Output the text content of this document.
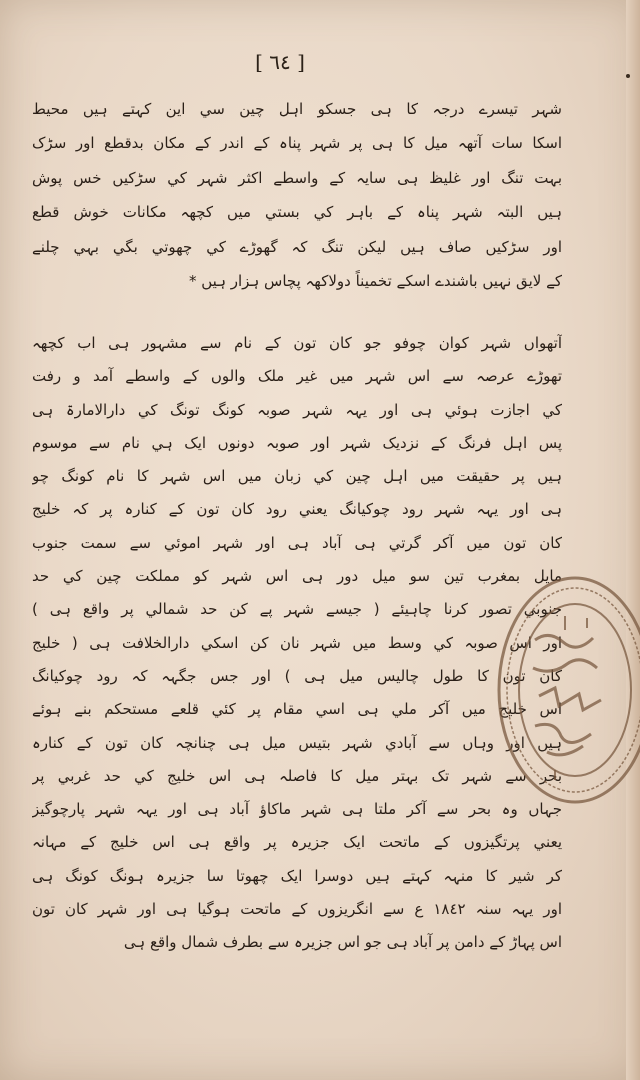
[ ٦٤ ]
شہر تیسرے درجہ کا ہی جسکو اہل چین سي این کہتے ہیں محیط
اسکا سات آتھہ میل کا ہی پر شہر پناہ کے اندر کے مکان بدقطع اور سڑک
بہت تنگ اور غلیظ ہی سایہ کے واسطے اکثر شہر کي سڑکیں خس پوش
ہیں البتہ شہر پناہ کے باہر کي بستي میں کچھہ مکانات خوش قطع
اور سڑکیں صاف ہیں لیکن تنگ کہ گھوڑے کي چھوتي بگي بہي چلنے
کے لایق نہیں باشندے اسکے تخمیناً دولاکھہ پچاس ہزار ہیں *
آتھواں شہر کوان چوفو جو کان تون کے نام سے مشہور ہی اب کچھہ
تھوڑے عرصہ سے اس شہر میں غیر ملک والوں کے واسطے آمد و رفت
کي اجازت ہوئي ہی اور یہہ شہر صوبہ کونگ تونگ کي دارالامارۃ ہی
پس اہل فرنگ کے نزدیک شہر اور صوبہ دونوں ایک ہي نام سے موسوم
ہیں پر حقیقت میں اہل چین کي زبان میں اس شہر کا نام کونگ چو
ہی اور یہہ شہر رود چوکیانگ یعني رود کان تون کے کنارہ پر کہ خلیج
کان تون میں آکر گرتي ہی آباد ہی اور شہر اموئي سے سمت جنوب
مایل بمغرب تین سو میل دور ہی اس شہر کو مملکت چین کي حد
جنوبي تصور کرنا چاہیئے ( جیسے شہر پے کن حد شمالي پر واقع ہی )
اور اس صوبہ کي وسط میں شہر نان کن اسکي دارالخلافت ہی ( خلیج
کان تون کا طول چالیس میل ہی ) اور جس جگہہ کہ رود چوکیانگ
اس خلیج میں آکر ملي ہی اسي مقام پر کئي قلعے مستحکم بنے ہوئے
ہیں اور وہاں سے آبادي شہر بتیس میل ہی چنانچہ کان تون کے کنارہ
بحر سے شہر تک بہتر میل کا فاصلہ ہی اس خلیج کي حد غربي پر
جہاں وہ بحر سے آکر ملتا ہی شہر ماکاؤ آباد ہی اور یہہ شہر پارچوگیز
یعني پرتگیزوں کے ماتحت ایک جزیرہ پر واقع ہی اس خلیج کے مہانہ
کر شیر کا منہہ کہتے ہیں دوسرا ایک چھوتا سا جزیرہ ہونگ کونگ ہی
اور یہہ سنہ ١٨٤٢ ع سے انگریزوں کے ماتحت ہوگیا ہی اور شہر کان تون
اس پہاڑ کے دامن پر آباد ہی جو اس جزیرہ سے بطرف شمال واقع ہی
